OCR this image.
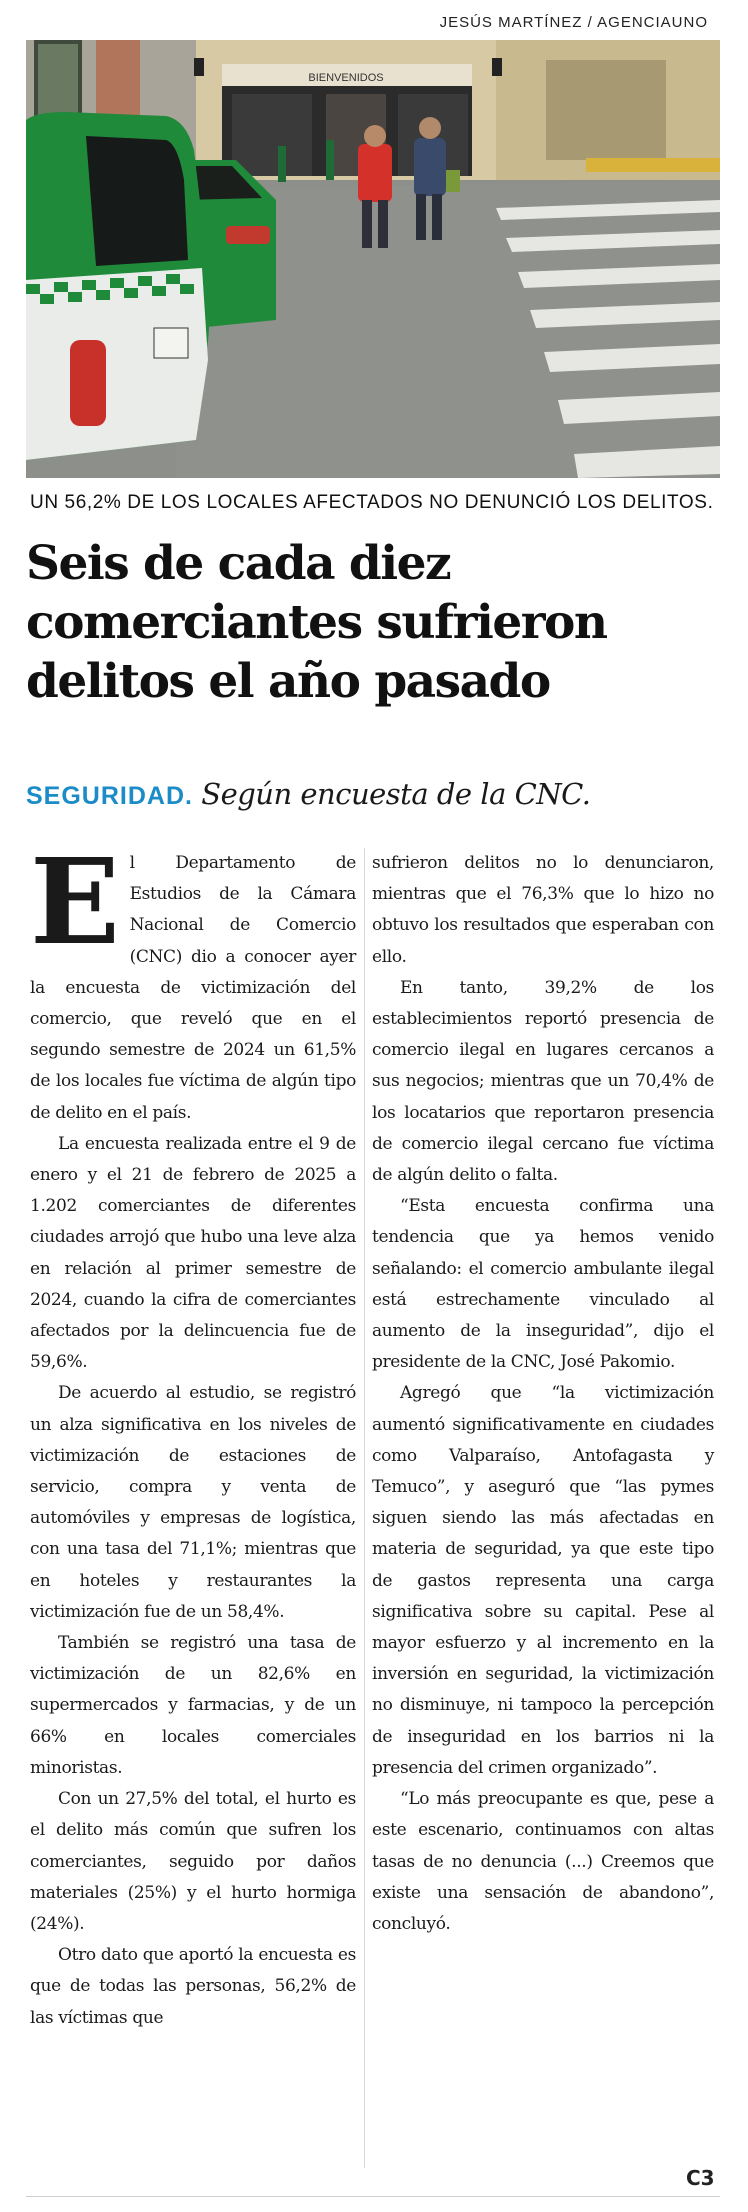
JESÚS MARTÍNEZ / AGENCIAUNO
BIENVENIDOS
UN 56,2% DE LOS LOCALES AFECTADOS NO DENUNCIÓ LOS DELITOS.
Seis de cada diez comerciantes sufrieron delitos el año pasado
SEGURIDAD. Según encuesta de la CNC.

El Departamento de Estudios de la Cámara Nacional de Comercio (CNC) dio a conocer ayer la encuesta de victimización del comercio, que reveló que en el segundo semestre de 2024 un 61,5% de los locales fue víctima de algún tipo de delito en el país.

La encuesta realizada entre el 9 de enero y el 21 de febrero de 2025 a 1.202 comerciantes de diferentes ciudades arrojó que hubo una leve alza en relación al primer semestre de 2024, cuando la cifra de comerciantes afectados por la delincuencia fue de 59,6%.

De acuerdo al estudio, se registró un alza significativa en los niveles de victimización de estaciones de servicio, compra y venta de automóviles y empresas de logística, con una tasa del 71,1%; mientras que en hoteles y restaurantes la victimización fue de un 58,4%.

También se registró una tasa de victimización de un 82,6% en supermercados y farmacias, y de un 66% en locales comerciales minoristas.

Con un 27,5% del total, el hurto es el delito más común que sufren los comerciantes, seguido por daños materiales (25%) y el hurto hormiga (24%).

Otro dato que aportó la encuesta es que de todas las personas, 56,2% de las víctimas que

sufrieron delitos no lo denunciaron, mientras que el 76,3% que lo hizo no obtuvo los resultados que esperaban con ello.

En tanto, 39,2% de los establecimientos reportó presencia de comercio ilegal en lugares cercanos a sus negocios; mientras que un 70,4% de los locatarios que reportaron presencia de comercio ilegal cercano fue víctima de algún delito o falta.

“Esta encuesta confirma una tendencia que ya hemos venido señalando: el comercio ambulante ilegal está estrechamente vinculado al aumento de la inseguridad”, dijo el presidente de la CNC, José Pakomio.

Agregó que “la victimización aumentó significativamente en ciudades como Valparaíso, Antofagasta y Temuco”, y aseguró que “las pymes siguen siendo las más afectadas en materia de seguridad, ya que este tipo de gastos representa una carga significativa sobre su capital. Pese al mayor esfuerzo y al incremento en la inversión en seguridad, la victimización no disminuye, ni tampoco la percepción de inseguridad en los barrios ni la presencia del crimen organizado”.

“Lo más preocupante es que, pese a este escenario, continuamos con altas tasas de no denuncia (...) Creemos que existe una sensación de abandono”, concluyó.

C3
